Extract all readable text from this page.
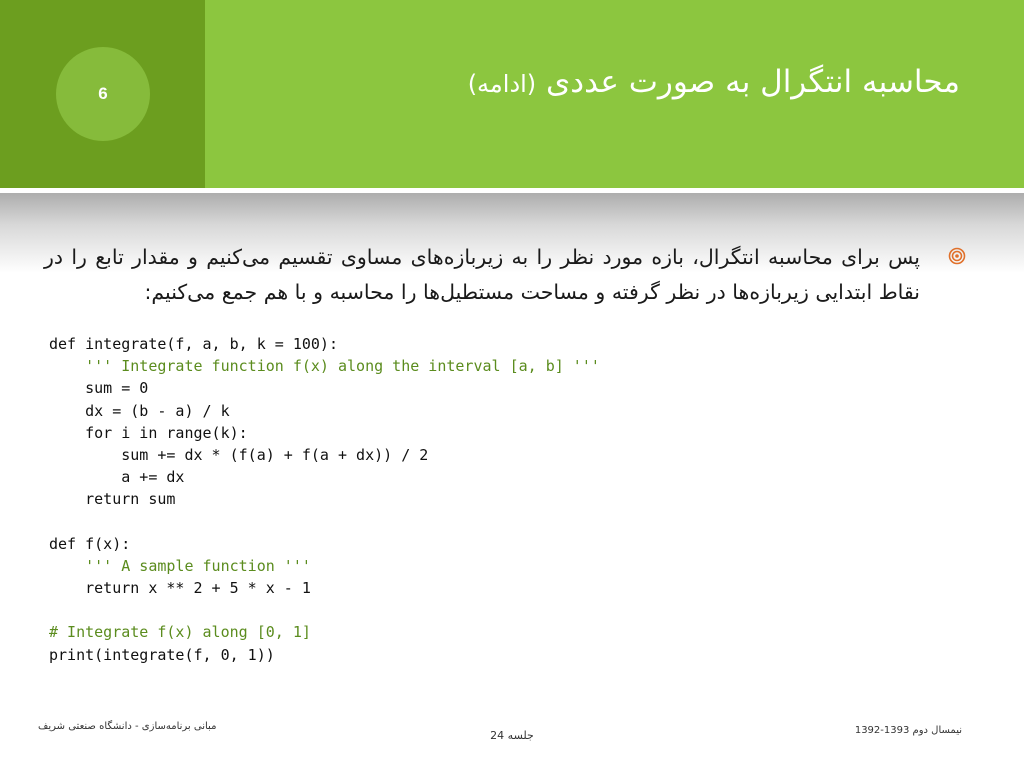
6	محاسبه انتگرال به صورت عددی (ادامه)
پس برای محاسبه انتگرال، بازه مورد نظر را به زیربازه‌های مساوی تقسیم می‌کنیم و مقدار تابع را در نقاط ابتدایی زیربازه‌ها در نظر گرفته و مساحت مستطیل‌ها را محاسبه و با هم جمع می‌کنیم:
def integrate(f, a, b, k = 100):
''' Integrate function f(x) along the interval [a, b] '''
sum = 0
dx = (b - a) / k
for i in range(k):
sum += dx * (f(a) + f(a + dx)) / 2
a += dx
return sum
def f(x):
''' A sample function '''
return x ** 2 + 5 * x - 1
# Integrate f(x) along [0, 1]
print(integrate(f, 0, 1))
مبانی برنامه‌سازی - دانشگاه صنعتی شریف
جلسه 24	نیمسال دوم 1393-1392
